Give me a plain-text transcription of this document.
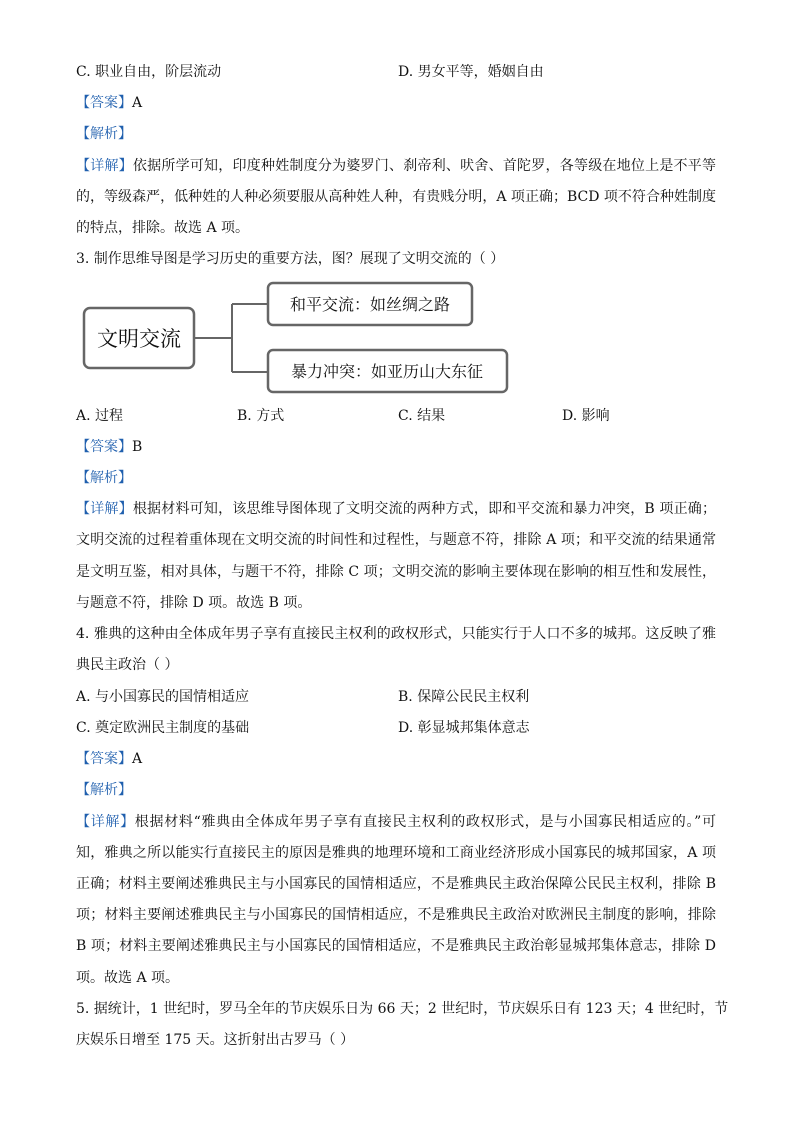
C. 职业自由，阶层流动	D. 男女平等，婚姻自由
【答案】A
【解析】
【详解】依据所学可知，印度种姓制度分为婆罗门、刹帝利、吠舍、首陀罗，各等级在地位上是不平等
的，等级森严，低种姓的人种必须要服从高种姓人种，有贵贱分明，A 项正确；BCD 项不符合种姓制度
的特点，排除。故选 A 项。
3. 制作思维导图是学习历史的重要方法，图？展现了文明交流的（ ）
文明交流
和平交流：如丝绸之路
暴力冲突：如亚历山大东征
A. 过程	B. 方式	C. 结果	D. 影响
【答案】B
【解析】
【详解】根据材料可知，该思维导图体现了文明交流的两种方式，即和平交流和暴力冲突，B 项正确；
文明交流的过程着重体现在文明交流的时间性和过程性，与题意不符，排除 A 项；和平交流的结果通常
是文明互鉴，相对具体，与题干不符，排除 C 项；文明交流的影响主要体现在影响的相互性和发展性，
与题意不符，排除 D 项。故选 B 项。
4. 雅典的这种由全体成年男子享有直接民主权利的政权形式，只能实行于人口不多的城邦。这反映了雅
典民主政治（ ）
A. 与小国寡民的国情相适应	B. 保障公民民主权利
C. 奠定欧洲民主制度的基础	D. 彰显城邦集体意志
【答案】A
【解析】
【详解】根据材料“雅典由全体成年男子享有直接民主权利的政权形式，是与小国寡民相适应的。”可
知，雅典之所以能实行直接民主的原因是雅典的地理环境和工商业经济形成小国寡民的城邦国家，A 项
正确；材料主要阐述雅典民主与小国寡民的国情相适应，不是雅典民主政治保障公民民主权利，排除 B
项；材料主要阐述雅典民主与小国寡民的国情相适应，不是雅典民主政治对欧洲民主制度的影响，排除
B 项；材料主要阐述雅典民主与小国寡民的国情相适应，不是雅典民主政治彰显城邦集体意志，排除 D
项。故选 A 项。
5. 据统计，1 世纪时，罗马全年的节庆娱乐日为 66 天；2 世纪时，节庆娱乐日有 123 天；4 世纪时，节
庆娱乐日增至 175 天。这折射出古罗马（ ）
